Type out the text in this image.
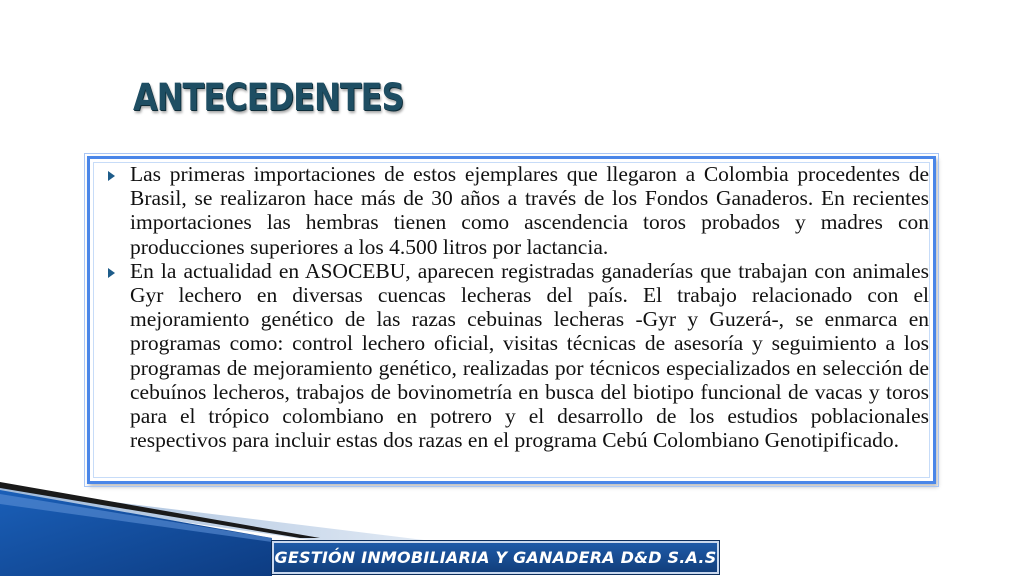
ANTECEDENTES
Las primeras importaciones de estos ejemplares que llegaron a Colombia procedentes de Brasil, se realizaron hace más de 30 años a través de los Fondos Ganaderos. En recientes importaciones las hembras tienen como ascendencia toros probados y madres con producciones superiores a los 4.500 litros por lactancia.
En la actualidad en ASOCEBU, aparecen registradas ganaderías que trabajan con animales Gyr lechero en diversas cuencas lecheras del país. El trabajo relacionado con el mejoramiento genético de las razas cebuinas lecheras -Gyr y Guzerá-, se enmarca en programas como: control lechero oficial, visitas técnicas de asesoría y seguimiento a los programas de mejoramiento genético, realizadas por técnicos especializados en selección de cebuínos lecheros, trabajos de bovinometría en busca del biotipo funcional de vacas y toros para el trópico colombiano en potrero y el desarrollo de los estudios poblacionales respectivos para incluir estas dos razas en el programa Cebú Colombiano Genotipificado.
GESTIÓN INMOBILIARIA Y GANADERA D&D S.A.S
